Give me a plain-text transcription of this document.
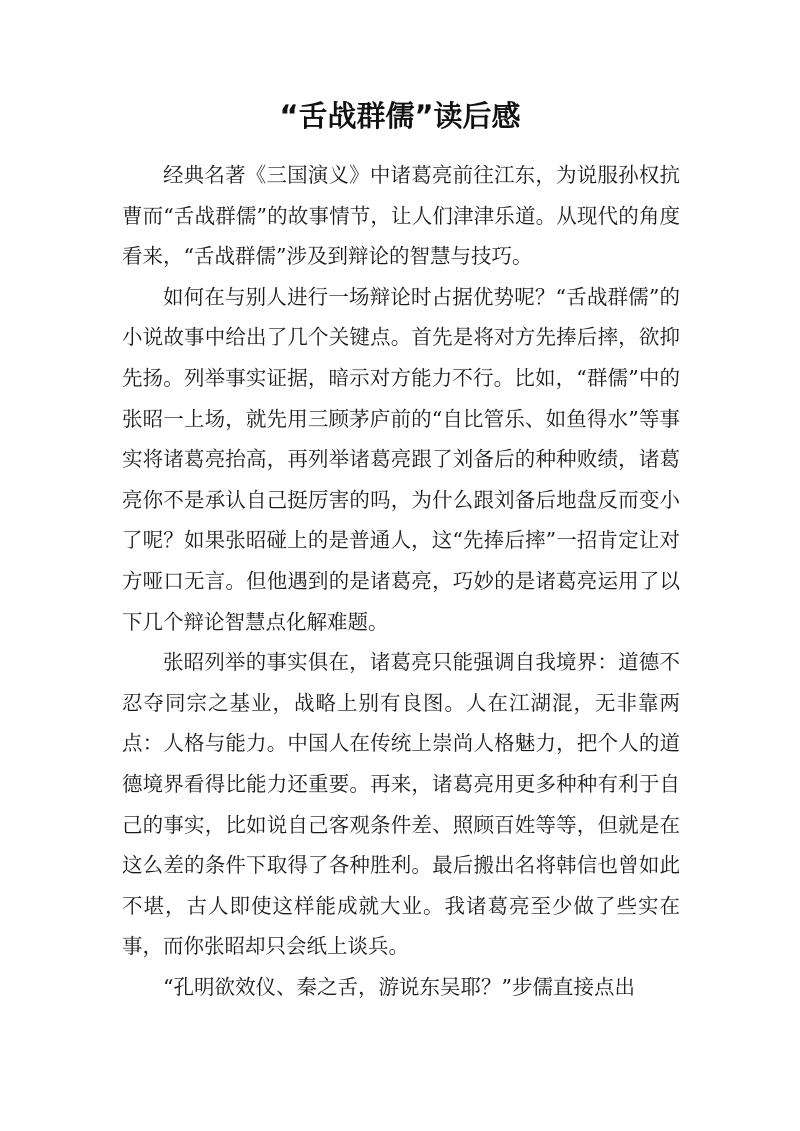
“舌战群儒”读后感

经典名著《三国演义》中诸葛亮前往江东，为说服孙权抗曹而“舌战群儒”的故事情节，让人们津津乐道。从现代的角度看来，“舌战群儒”涉及到辩论的智慧与技巧。

如何在与别人进行一场辩论时占据优势呢？“舌战群儒”的小说故事中给出了几个关键点。首先是将对方先捧后摔，欲抑先扬。列举事实证据，暗示对方能力不行。比如，“群儒”中的张昭一上场，就先用三顾茅庐前的“自比管乐、如鱼得水”等事实将诸葛亮抬高，再列举诸葛亮跟了刘备后的种种败绩，诸葛亮你不是承认自己挺厉害的吗，为什么跟刘备后地盘反而变小了呢？如果张昭碰上的是普通人，这“先捧后摔”一招肯定让对方哑口无言。但他遇到的是诸葛亮，巧妙的是诸葛亮运用了以下几个辩论智慧点化解难题。

张昭列举的事实俱在，诸葛亮只能强调自我境界：道德不忍夺同宗之基业，战略上别有良图。人在江湖混，无非靠两点：人格与能力。中国人在传统上崇尚人格魅力，把个人的道德境界看得比能力还重要。再来，诸葛亮用更多种种有利于自己的事实，比如说自己客观条件差、照顾百姓等等，但就是在这么差的条件下取得了各种胜利。最后搬出名将韩信也曾如此不堪，古人即使这样能成就大业。我诸葛亮至少做了些实在事，而你张昭却只会纸上谈兵。

“孔明欲效仪、秦之舌，游说东吴耶？”步儒直接点出
